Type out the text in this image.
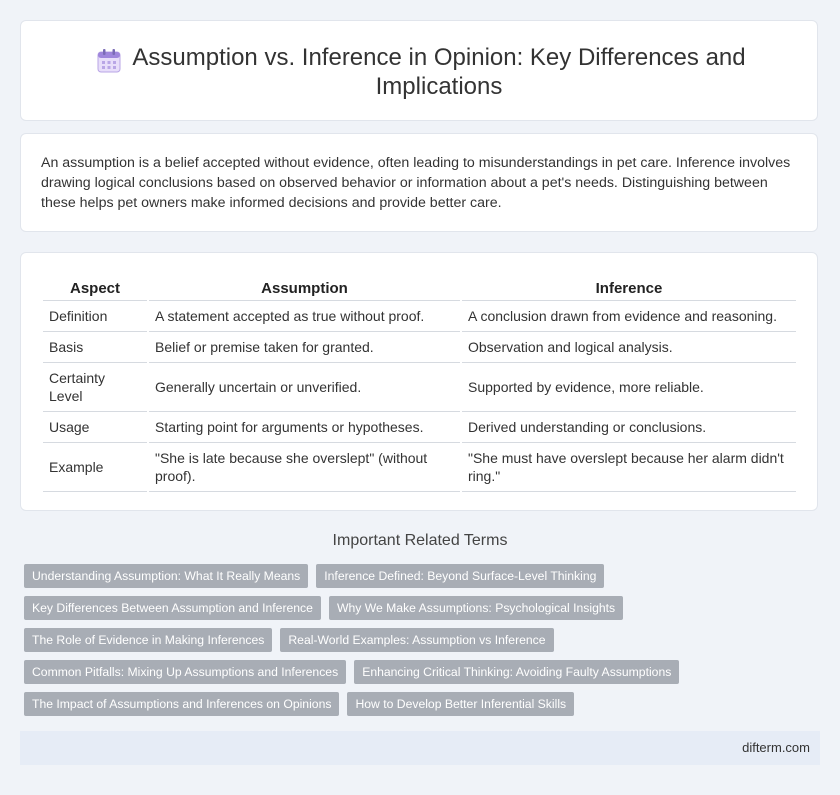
Assumption vs. Inference in Opinion: Key Differences and Implications

An assumption is a belief accepted without evidence, often leading to misunderstandings in pet care. Inference involves drawing logical conclusions based on observed behavior or information about a pet's needs. Distinguishing between these helps pet owners make informed decisions and provide better care.

Aspect	Assumption	Inference
Definition	A statement accepted as true without proof.	A conclusion drawn from evidence and reasoning.
Basis	Belief or premise taken for granted.	Observation and logical analysis.
Certainty Level	Generally uncertain or unverified.	Supported by evidence, more reliable.
Usage	Starting point for arguments or hypotheses.	Derived understanding or conclusions.
Example	"She is late because she overslept" (without proof).	"She must have overslept because her alarm didn't ring."
Important Related Terms
Understanding Assumption: What It Really Means	Inference Defined: Beyond Surface-Level Thinking
Key Differences Between Assumption and Inference	Why We Make Assumptions: Psychological Insights
The Role of Evidence in Making Inferences	Real-World Examples: Assumption vs Inference
Common Pitfalls: Mixing Up Assumptions and Inferences	Enhancing Critical Thinking: Avoiding Faulty Assumptions
The Impact of Assumptions and Inferences on Opinions	How to Develop Better Inferential Skills
difterm.com
